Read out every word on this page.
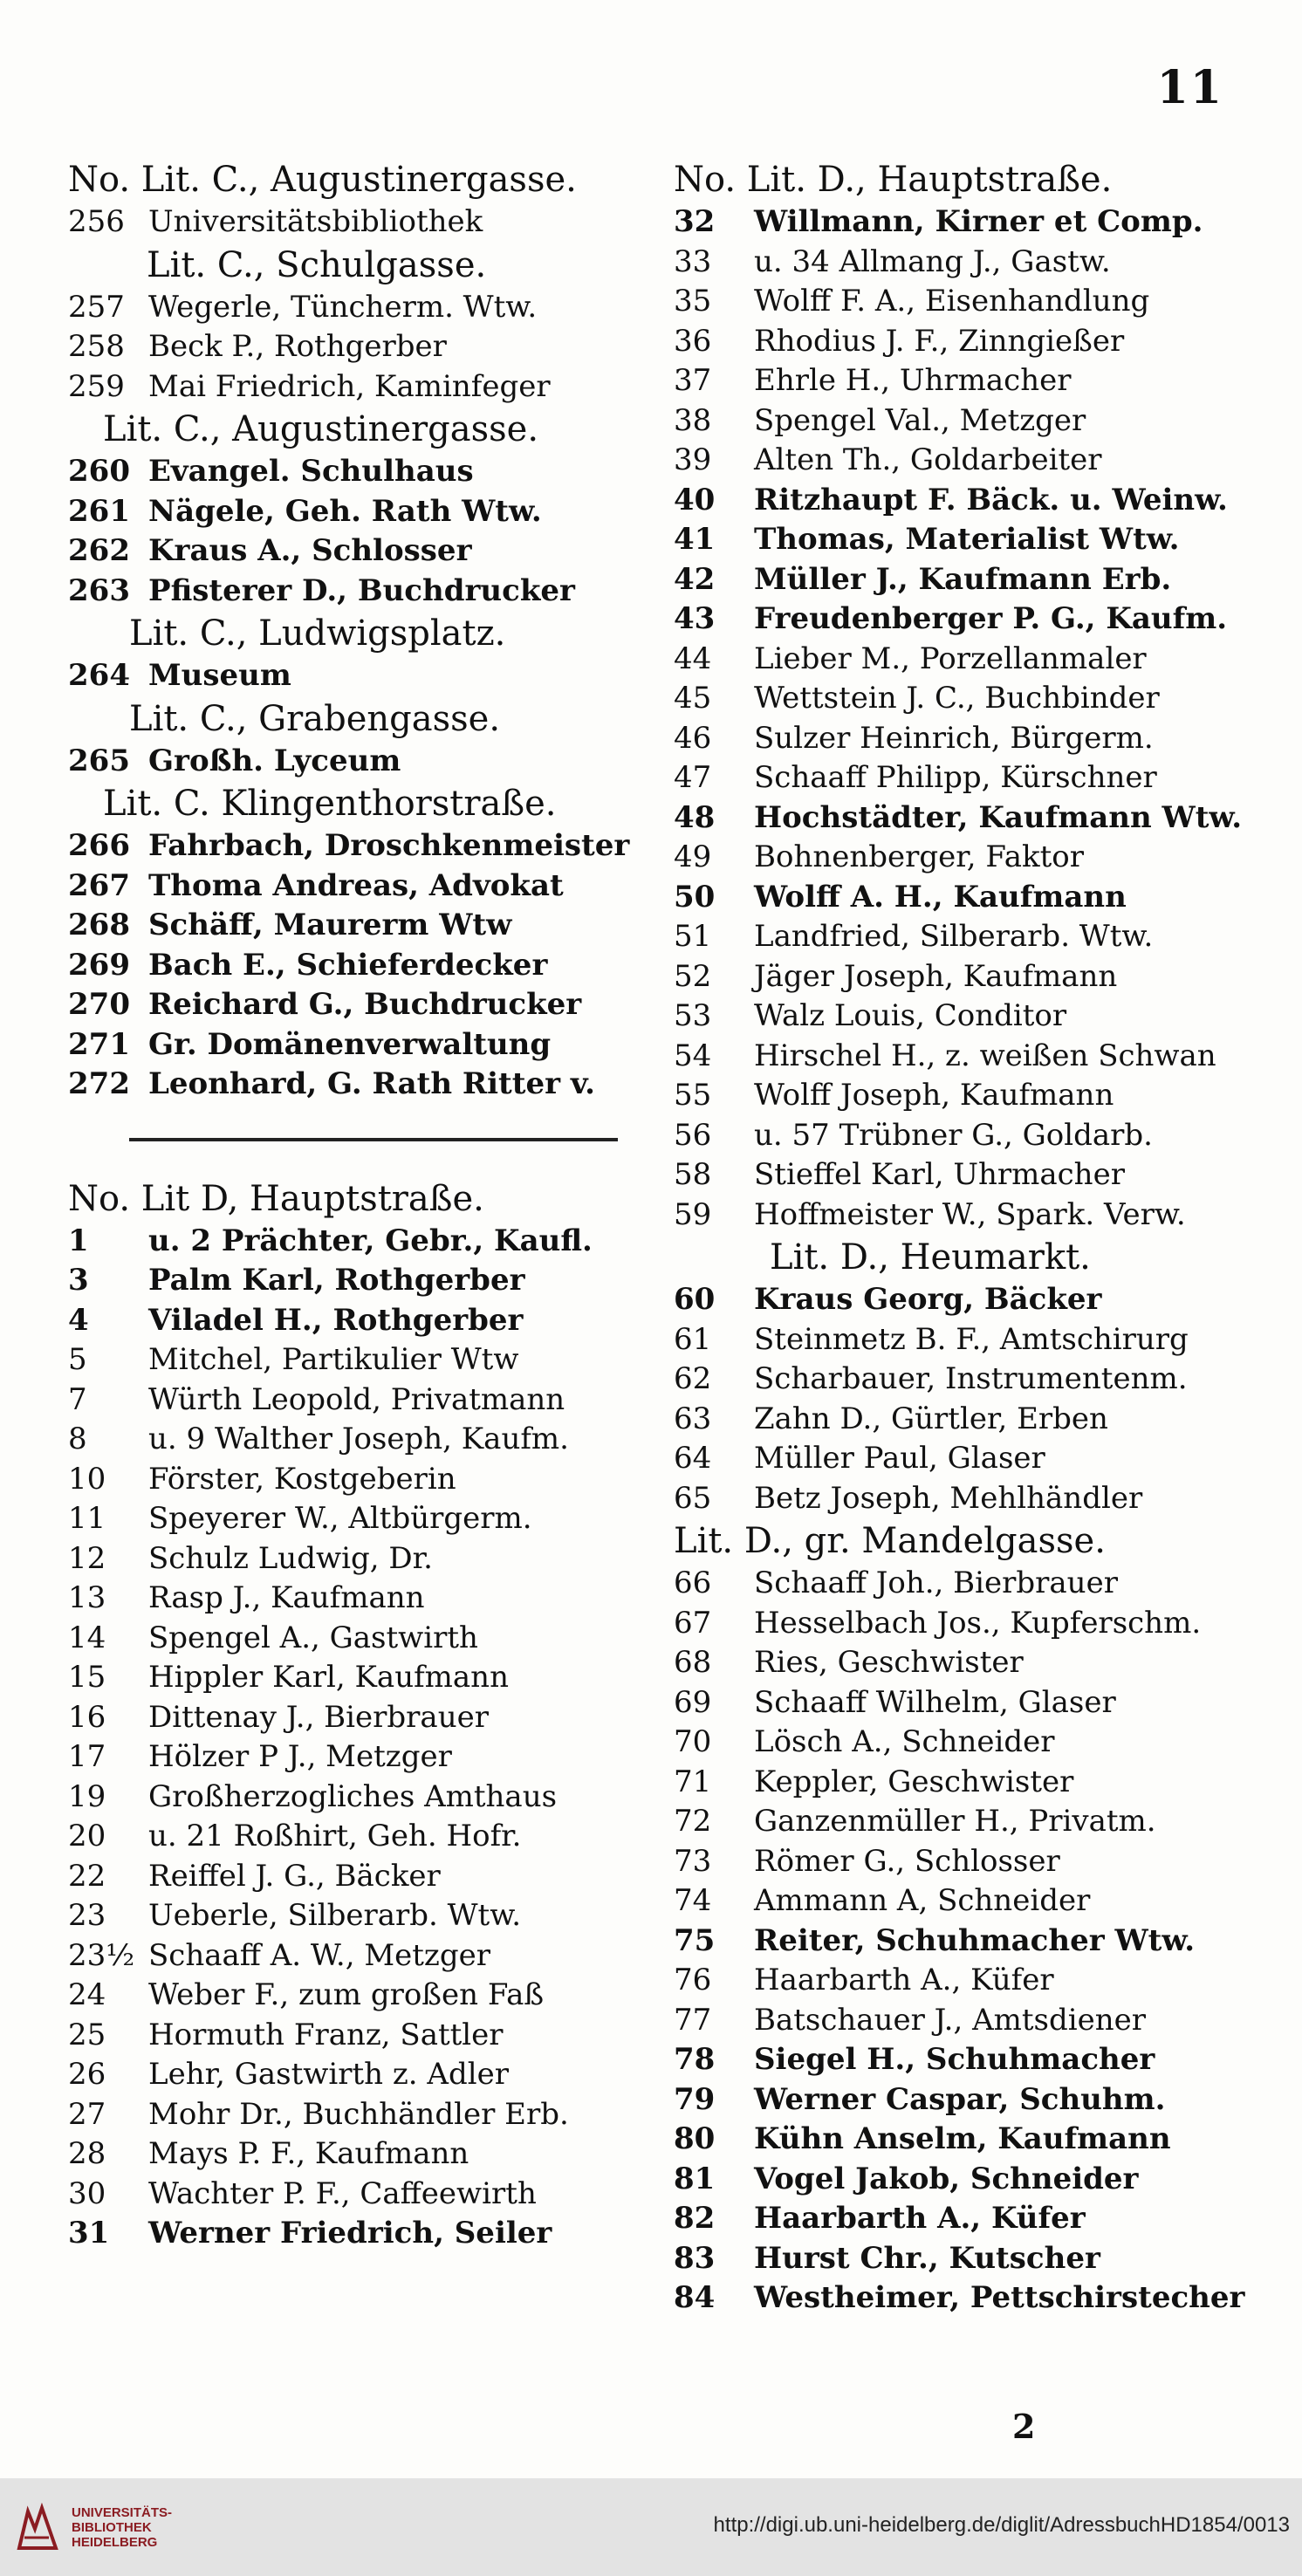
11
No. Lit. C., Augustinergasse.
256 Universitätsbibliothek
Lit. C., Schulgasse.
257 Wegerle, Tüncherm. Wtw.
258 Beck P., Rothgerber
259 Mai Friedrich, Kaminfeger
Lit. C., Augustinergasse.
260 Evangel. Schulhaus
261 Nägele, Geh. Rath Wtw.
262 Kraus A., Schlosser
263 Pfisterer D., Buchdrucker
Lit. C., Ludwigsplatz.
264 Museum
Lit. C., Grabengasse.
265 Großh. Lyceum
Lit. C. Klingenthorstraße.
266 Fahrbach, Droschkenmeister
267 Thoma Andreas, Advokat
268 Schäff, Maurerm Wtw
269 Bach E., Schieferdecker
270 Reichard G., Buchdrucker
271 Gr. Domänenverwaltung
272 Leonhard, G. Rath Ritter v.
No. Lit D, Hauptstraße.
1	u. 2 Prächter, Gebr., Kaufl.
3	Palm Karl, Rothgerber
4	Viladel H., Rothgerber
5	Mitchel, Partikulier Wtw
7	Würth Leopold, Privatmann
8	u. 9 Walther Joseph, Kaufm.
10	Förster, Kostgeberin
11	Speyerer W., Altbürgerm.
12	Schulz Ludwig, Dr.
13	Rasp J., Kaufmann
14	Spengel A., Gastwirth
15	Hippler Karl, Kaufmann
16	Dittenay J., Bierbrauer
17	Hölzer P J., Metzger
19	Großherzogliches Amthaus
20	u. 21 Roßhirt, Geh. Hofr.
22	Reiffel J. G., Bäcker
23	Ueberle, Silberarb. Wtw.
23½ Schaaff A. W., Metzger
24	Weber F., zum großen Faß
25	Hormuth Franz, Sattler
26	Lehr, Gastwirth z. Adler
27	Mohr Dr., Buchhändler Erb.
28	Mays P. F., Kaufmann
30	Wachter P. F., Caffeewirth
31	Werner Friedrich, Seiler
No. Lit. D., Hauptstraße.
32	Willmann, Kirner et Comp.
33	u. 34 Allmang J., Gastw.
35	Wolff F. A., Eisenhandlung
36	Rhodius J. F., Zinngießer
37	Ehrle H., Uhrmacher
38	Spengel Val., Metzger
39	Alten Th., Goldarbeiter
40	Ritzhaupt F. Bäck. u. Weinw.
41	Thomas, Materialist Wtw.
42	Müller J., Kaufmann Erb.
43	Freudenberger P. G., Kaufm.
44	Lieber M., Porzellanmaler
45	Wettstein J. C., Buchbinder
46	Sulzer Heinrich, Bürgerm.
47	Schaaff Philipp, Kürschner
48	Hochstädter, Kaufmann Wtw.
49	Bohnenberger, Faktor
50	Wolff A. H., Kaufmann
51	Landfried, Silberarb. Wtw.
52	Jäger Joseph, Kaufmann
53	Walz Louis, Conditor
54	Hirschel H., z. weißen Schwan
55	Wolff Joseph, Kaufmann
56	u. 57 Trübner G., Goldarb.
58	Stieffel Karl, Uhrmacher
59	Hoffmeister W., Spark. Verw.
Lit. D., Heumarkt.
60	Kraus Georg, Bäcker
61	Steinmetz B. F., Amtschirurg
62	Scharbauer, Instrumentenm.
63	Zahn D., Gürtler, Erben
64	Müller Paul, Glaser
65	Betz Joseph, Mehlhändler
Lit. D., gr. Mandelgasse.
66	Schaaff Joh., Bierbrauer
67	Hesselbach Jos., Kupferschm.
68	Ries, Geschwister
69	Schaaff Wilhelm, Glaser
70	Lösch A., Schneider
71	Keppler, Geschwister
72	Ganzenmüller H., Privatm.
73	Römer G., Schlosser
74	Ammann A, Schneider
75	Reiter, Schuhmacher Wtw.
76	Haarbarth A., Küfer
77	Batschauer J., Amtsdiener
78	Siegel H., Schuhmacher
79	Werner Caspar, Schuhm.
80	Kühn Anselm, Kaufmann
81	Vogel Jakob, Schneider
82	Haarbarth A., Küfer
83	Hurst Chr., Kutscher
84	Westheimer, Pettschirstecher
2
UNIVERSITÄTS-
BIBLIOTHEK
HEIDELBERG
http://digi.ub.uni-heidelberg.de/diglit/AdressbuchHD1854/0013
